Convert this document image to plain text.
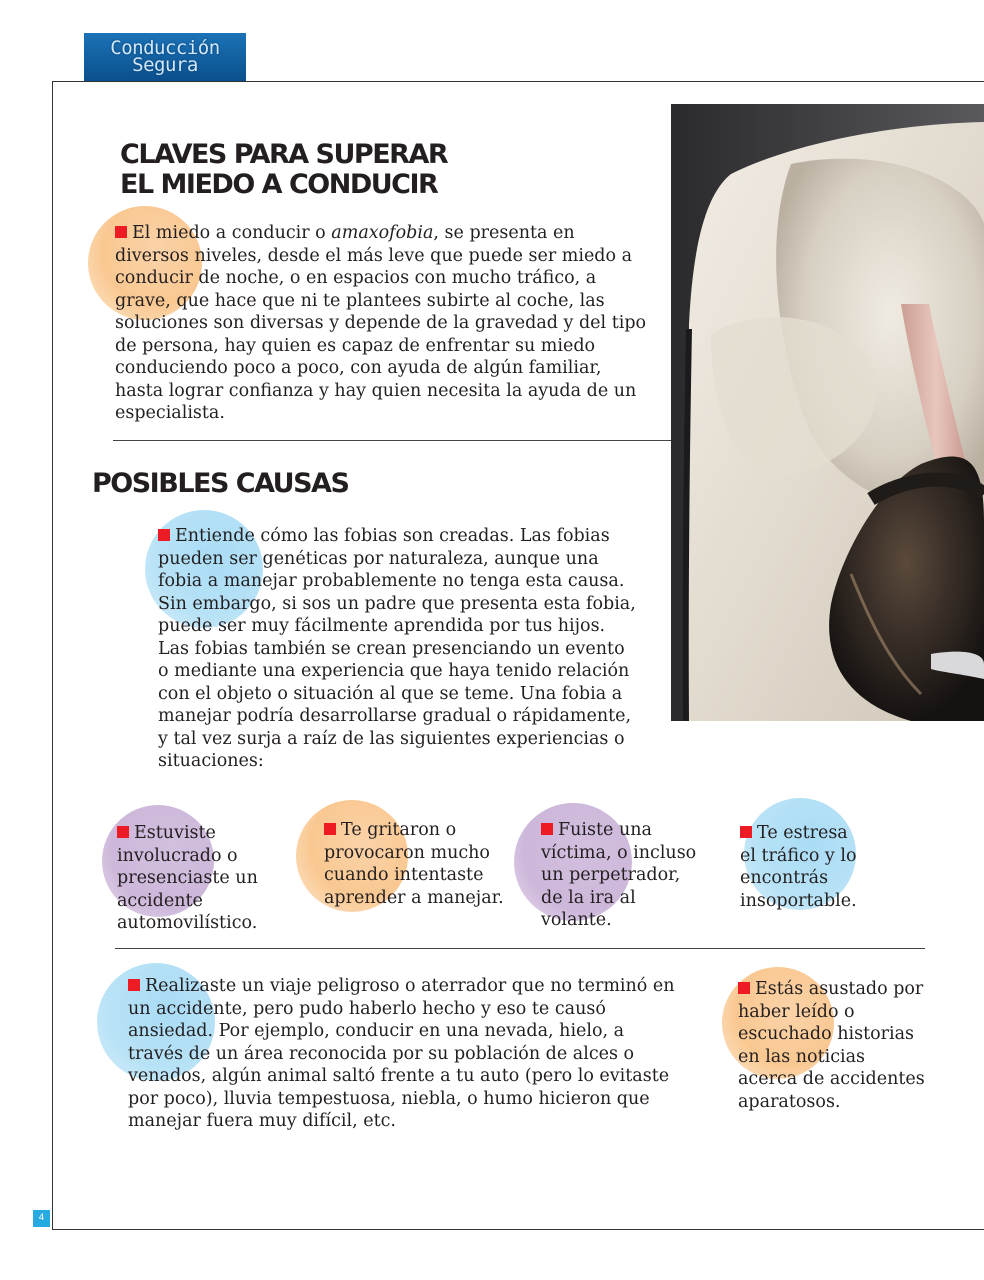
Conducción
Segura
4
CLAVES PARA SUPERAR
EL MIEDO A CONDUCIR

El miedo a conducir o amaxofobia, se presenta en diversos niveles, desde el más leve que puede ser miedo a conducir de noche, o en espacios con mucho tráfico, a grave, que hace que ni te plantees subirte al coche, las soluciones son diversas y depende de la gravedad y del tipo de persona, hay quien es capaz de enfrentar su miedo conduciendo poco a poco, con ayuda de algún familiar, hasta lograr confianza y hay quien necesita la ayuda de un especialista.

POSIBLES CAUSAS

Entiende cómo las fobias son creadas. Las fobias pueden ser genéticas por naturaleza, aunque una fobia a manejar probablemente no tenga esta causa. Sin embargo, si sos un padre que presenta esta fobia, puede ser muy fácilmente aprendida por tus hijos. Las fobias también se crean presenciando un evento o mediante una experiencia que haya tenido relación con el objeto o situación al que se teme. Una fobia a manejar podría desarrollarse gradual o rápidamente, y tal vez surja a raíz de las siguientes experiencias o situaciones:

Estuviste involucrado o presenciaste un accidente automovilístico.

Te gritaron o provocaron mucho cuando intentaste aprender a manejar.

Fuiste una víctima, o incluso un perpetrador, de la ira al volante.

Te estresa el tráfico y lo encontrás insoportable.

Realizaste un viaje peligroso o aterrador que no terminó en un accidente, pero pudo haberlo hecho y eso te causó ansiedad. Por ejemplo, conducir en una nevada, hielo, a través de un área reconocida por su población de alces o venados, algún animal saltó frente a tu auto (pero lo evitaste por poco), lluvia tempestuosa, niebla, o humo hicieron que manejar fuera muy difícil, etc.

Estás asustado por haber leído o escuchado historias en las noticias acerca de accidentes aparatosos.
